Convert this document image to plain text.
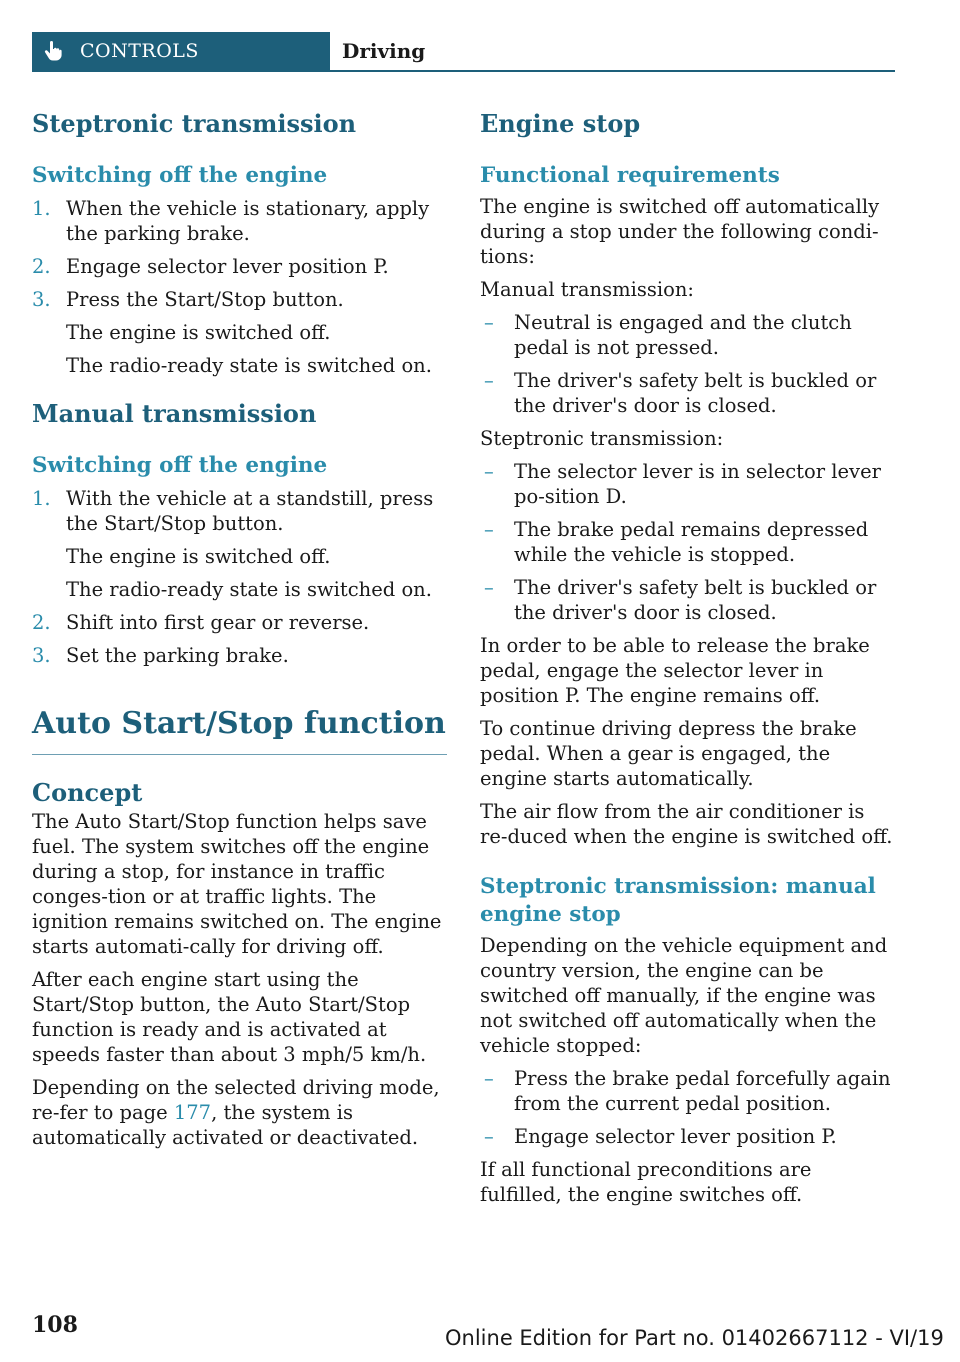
CONTROLS	Driving
Steptronic transmission
Switching off the engine
1. When the vehicle is stationary, apply the parking brake.
2. Engage selector lever position P.
3. Press the Start/Stop button.

The engine is switched off.

The radio-ready state is switched on.

Manual transmission
Switching off the engine
1. With the vehicle at a standstill, press the Start/Stop button.

The engine is switched off.

The radio-ready state is switched on.

2. Shift into first gear or reverse.
3. Set the parking brake.
Auto Start/Stop function
Concept

The Auto Start/Stop function helps save fuel. The system switches off the engine during a stop, for instance in traffic conges-tion or at traffic lights. The ignition remains switched on. The engine starts automati-cally for driving off.

After each engine start using the Start/Stop button, the Auto Start/Stop function is ready and is activated at speeds faster than about 3 mph/5 km/h.

Depending on the selected driving mode, re-fer to page 177, the system is automatically activated or deactivated.

Engine stop
Functional requirements

The engine is switched off automatically during a stop under the following condi-tions:

Manual transmission:

– Neutral is engaged and the clutch pedal is not pressed.
– The driver's safety belt is buckled or the driver's door is closed.

Steptronic transmission:

– The selector lever is in selector lever po-sition D.
– The brake pedal remains depressed while the vehicle is stopped.
– The driver's safety belt is buckled or the driver's door is closed.

In order to be able to release the brake pedal, engage the selector lever in position P. The engine remains off.

To continue driving depress the brake pedal. When a gear is engaged, the engine starts automatically.

The air flow from the air conditioner is re-duced when the engine is switched off.

Steptronic transmission: manual engine stop

Depending on the vehicle equipment and country version, the engine can be switched off manually, if the engine was not switched off automatically when the vehicle stopped:

– Press the brake pedal forcefully again from the current pedal position.
– Engage selector lever position P.

If all functional preconditions are fulfilled, the engine switches off.

108	Online Edition for Part no. 01402667112 - VI/19
